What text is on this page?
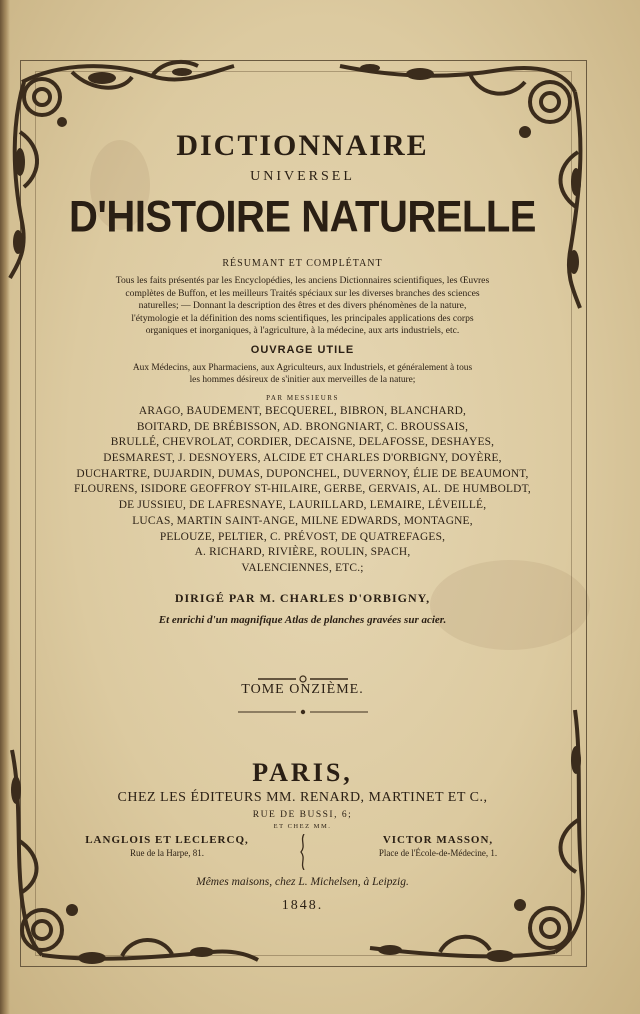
DICTIONNAIRE
UNIVERSEL
D'HISTOIRE NATURELLE
RÉSUMANT ET COMPLÉTANT
Tous les faits présentés par les Encyclopédies, les anciens Dictionnaires scientifiques, les Œuvres
complètes de Buffon, et les meilleurs Traités spéciaux sur les diverses branches des sciences
naturelles; — Donnant la description des êtres et des divers phénomènes de la nature,
l'étymologie et la définition des noms scientifiques, les principales applications des corps
organiques et inorganiques, à l'agriculture, à la médecine, aux arts industriels, etc.
OUVRAGE UTILE
Aux Médecins, aux Pharmaciens, aux Agriculteurs, aux Industriels, et généralement à tous
les hommes désireux de s'initier aux merveilles de la nature;
PAR MESSIEURS
ARAGO, BAUDEMENT, BECQUEREL, BIBRON, BLANCHARD,
BOITARD, DE BRÉBISSON, AD. BRONGNIART, C. BROUSSAIS,
BRULLÉ, CHEVROLAT, CORDIER, DECAISNE, DELAFOSSE, DESHAYES,
DESMAREST, J. DESNOYERS, ALCIDE ET CHARLES D'ORBIGNY, DOYÈRE,
DUCHARTRE, DUJARDIN, DUMAS, DUPONCHEL, DUVERNOY, ÉLIE DE BEAUMONT,
FLOURENS, ISIDORE GEOFFROY ST-HILAIRE, GERBE, GERVAIS, AL. DE HUMBOLDT,
DE JUSSIEU, DE LAFRESNAYE, LAURILLARD, LEMAIRE, LÉVEILLÉ,
LUCAS, MARTIN SAINT-ANGE, MILNE EDWARDS, MONTAGNE,
PELOUZE, PELTIER, C. PRÉVOST, DE QUATREFAGES,
A. RICHARD, RIVIÈRE, ROULIN, SPACH,
VALENCIENNES, ETC.;
DIRIGÉ PAR M. CHARLES D'ORBIGNY,
Et enrichi d'un magnifique Atlas de planches gravées sur acier.
TOME ONZIÈME.
PARIS,
CHEZ LES ÉDITEURS MM. RENARD, MARTINET ET C.,
RUE DE BUSSI, 6;
ET CHEZ MM.
LANGLOIS ET LECLERCQ,
Rue de la Harpe, 81.
VICTOR MASSON,
Place de l'École-de-Médecine, 1.
Mêmes maisons, chez L. Michelsen, à Leipzig.
1848.
